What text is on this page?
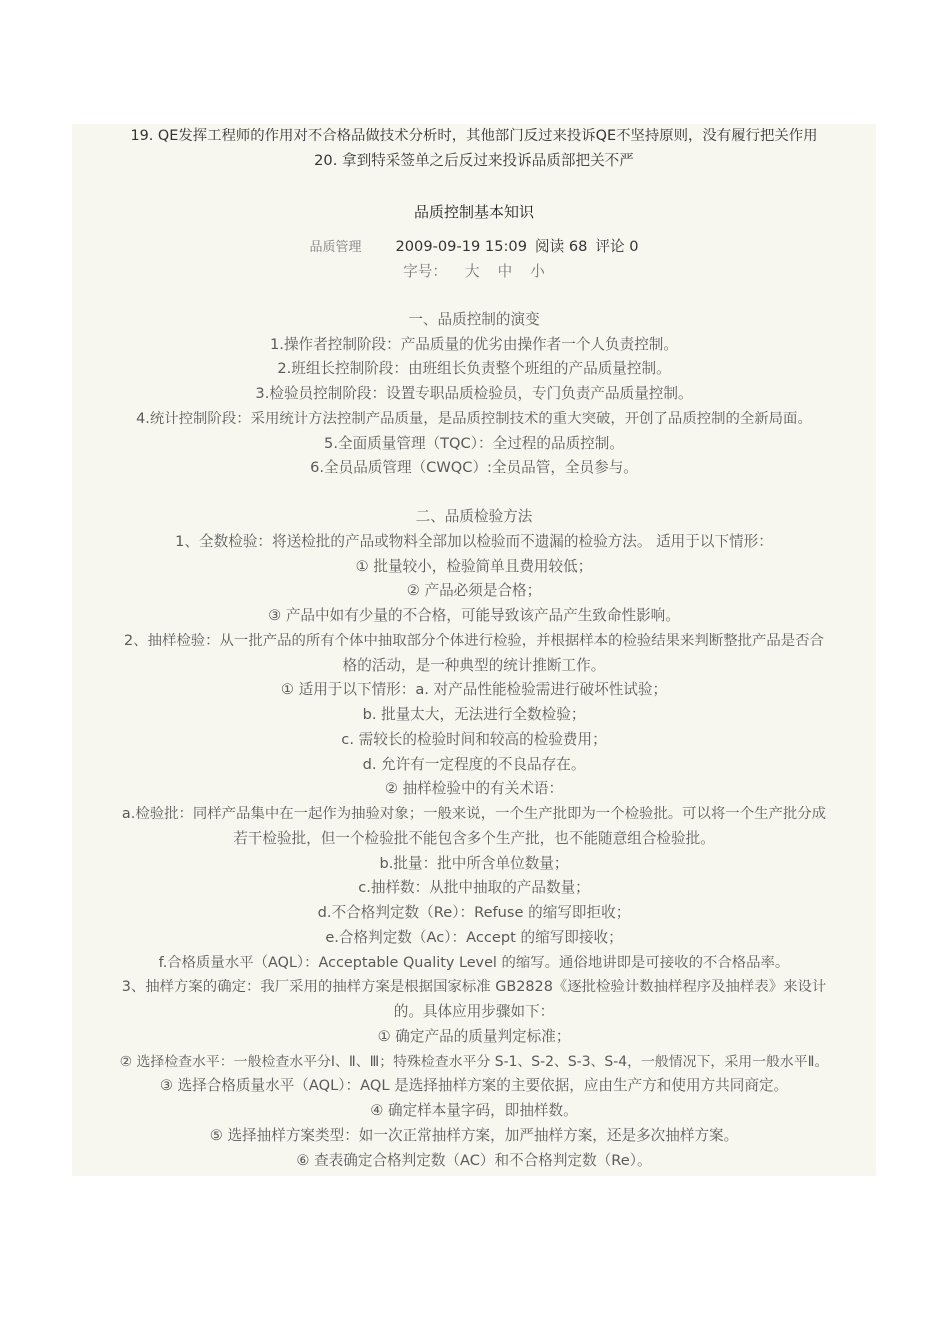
19. QE发挥工程师的作用对不合格品做技术分析时，其他部门反过来投诉QE不坚持原则，没有履行把关作用
20. 拿到特采签单之后反过来投诉品质部把关不严
品质控制基本知识
品质管理 2009-09-19 15:09 阅读 68 评论 0
字号： 大 中 小
一、品质控制的演变
1.操作者控制阶段：产品质量的优劣由操作者一个人负责控制。
2.班组长控制阶段：由班组长负责整个班组的产品质量控制。
3.检验员控制阶段：设置专职品质检验员，专门负责产品质量控制。
4.统计控制阶段：采用统计方法控制产品质量，是品质控制技术的重大突破，开创了品质控制的全新局面。
5.全面质量管理（TQC）：全过程的品质控制。
6.全员品质管理（CWQC）:全员品管，全员参与。
二、品质检验方法
1、全数检验：将送检批的产品或物料全部加以检验而不遗漏的检验方法。 适用于以下情形：
① 批量较小，检验简单且费用较低；
② 产品必须是合格；
③ 产品中如有少量的不合格，可能导致该产品产生致命性影响。
2、抽样检验：从一批产品的所有个体中抽取部分个体进行检验，并根据样本的检验结果来判断整批产品是否合
格的活动，是一种典型的统计推断工作。
① 适用于以下情形：a. 对产品性能检验需进行破坏性试验；
b. 批量太大，无法进行全数检验；
c. 需较长的检验时间和较高的检验费用；
d. 允许有一定程度的不良品存在。
② 抽样检验中的有关术语：
a.检验批：同样产品集中在一起作为抽验对象；一般来说，一个生产批即为一个检验批。可以将一个生产批分成
若干检验批，但一个检验批不能包含多个生产批，也不能随意组合检验批。
b.批量：批中所含单位数量；
c.抽样数：从批中抽取的产品数量；
d.不合格判定数（Re）：Refuse 的缩写即拒收；
e.合格判定数（Ac）：Accept 的缩写即接收；
f.合格质量水平（AQL）：Acceptable Quality Level 的缩写。通俗地讲即是可接收的不合格品率。
3、抽样方案的确定：我厂采用的抽样方案是根据国家标准 GB2828《逐批检验计数抽样程序及抽样表》来设计
的。具体应用步骤如下：
① 确定产品的质量判定标准；
② 选择检查水平：一般检查水平分Ⅰ、Ⅱ、Ⅲ；特殊检查水平分 S-1、S-2、S-3、S-4，一般情况下，采用一般水平Ⅱ。
③ 选择合格质量水平（AQL）：AQL 是选择抽样方案的主要依据，应由生产方和使用方共同商定。
④ 确定样本量字码，即抽样数。
⑤ 选择抽样方案类型：如一次正常抽样方案，加严抽样方案，还是多次抽样方案。
⑥ 查表确定合格判定数（AC）和不合格判定数（Re）。
